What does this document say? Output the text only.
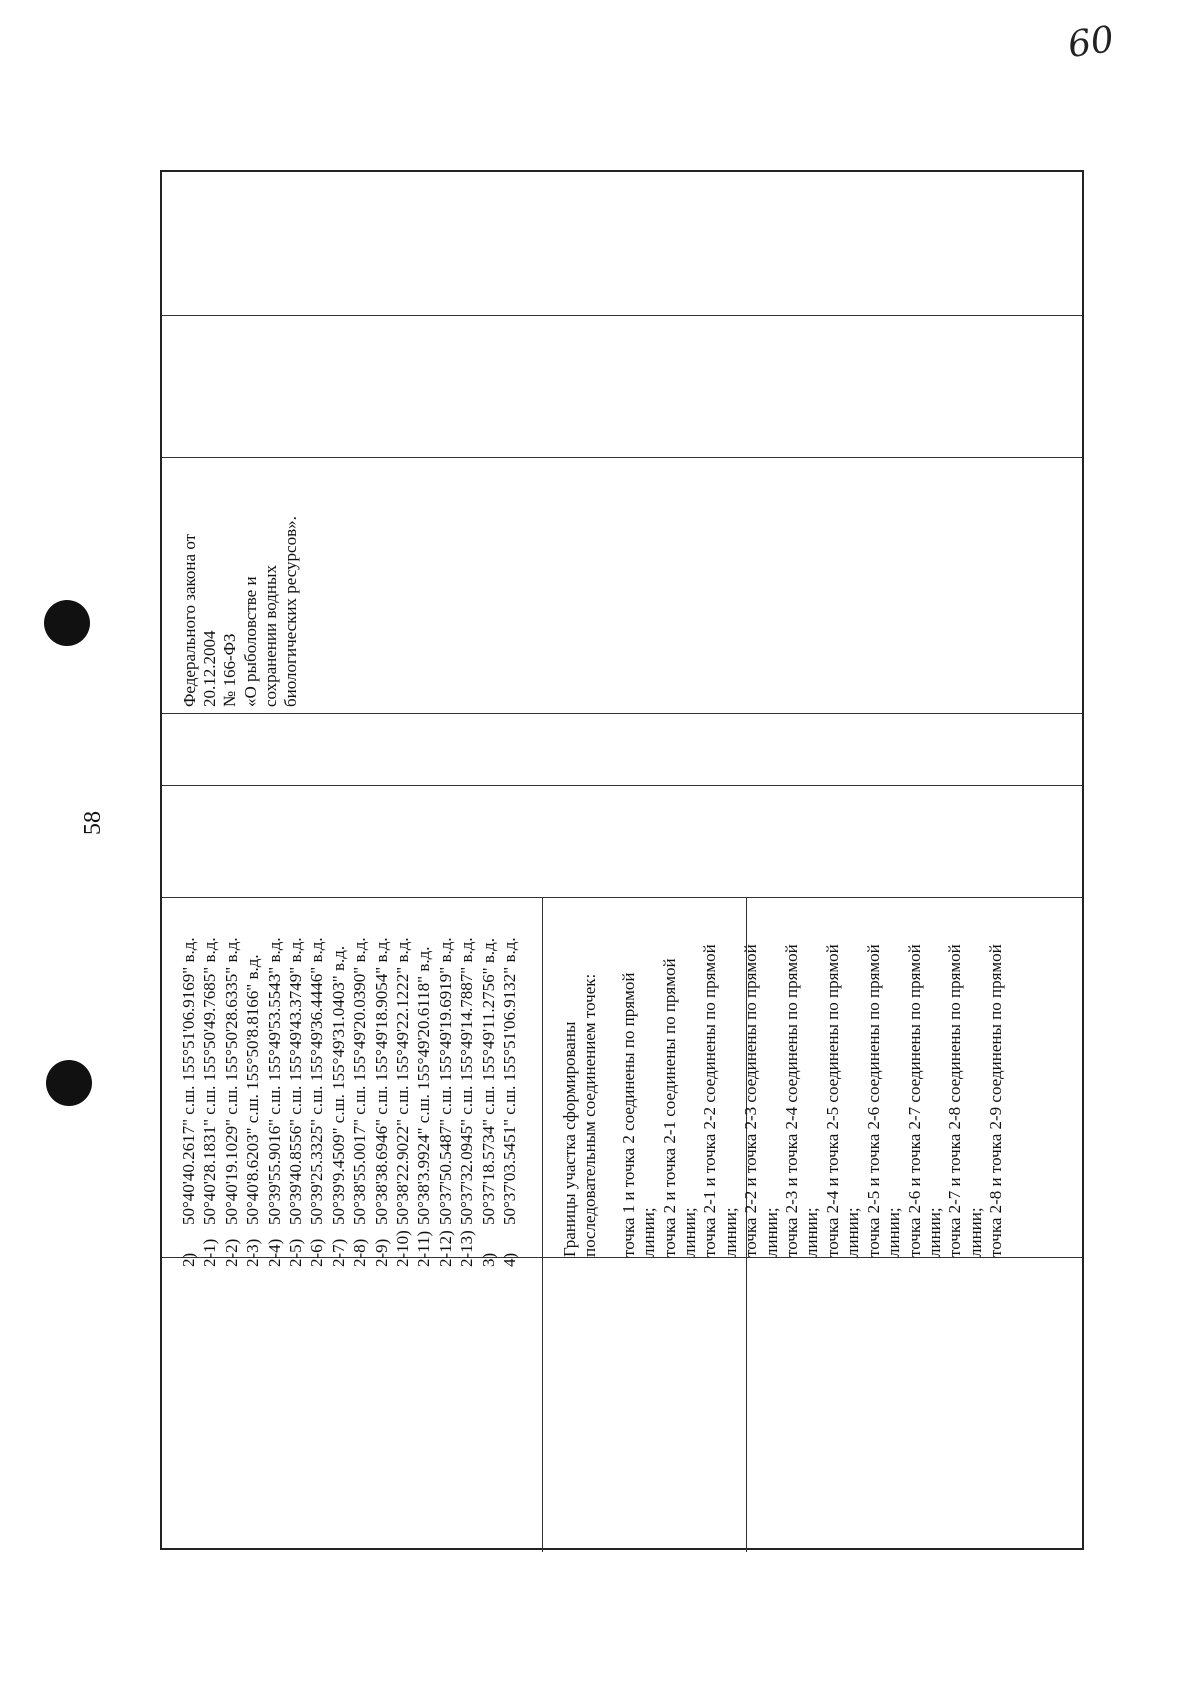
60
58
2)50°40'40.2617" с.ш. 155°51'06.9169" в.д.
2-1)50°40'28.1831" с.ш. 155°50'49.7685" в.д.
2-2)50°40'19.1029" с.ш. 155°50'28.6335" в.д.
2-3)50°40'8.6203" с.ш. 155°50'8.8166" в.д.
2-4)50°39'55.9016" с.ш. 155°49'53.5543" в.д.
2-5)50°39'40.8556" с.ш. 155°49'43.3749" в.д.
2-6)50°39'25.3325" с.ш. 155°49'36.4446" в.д.
2-7)50°39'9.4509" с.ш. 155°49'31.0403" в.д.
2-8)50°38'55.0017" с.ш. 155°49'20.0390" в.д.
2-9)50°38'38.6946" с.ш. 155°49'18.9054" в.д.
2-10)50°38'22.9022" с.ш. 155°49'22.1222" в.д.
2-11)50°38'3.9924" с.ш. 155°49'20.6118" в.д.
2-12)50°37'50.5487" с.ш. 155°49'19.6919" в.д.
2-13)50°37'32.0945" с.ш. 155°49'14.7887" в.д.
3)50°37'18.5734" с.ш. 155°49'11.2756" в.д.
4)50°37'03.5451" с.ш. 155°51'06.9132" в.д. Границы участка сформированы последовательным соединением точек: точка 1 и точка 2 соединены по прямой линии; точка 2 и точка 2-1 соединены по прямой линии; точка 2-1 и точка 2-2 соединены по прямой линии; точка 2-2 и точка 2-3 соединены по прямой линии; точка 2-3 и точка 2-4 соединены по прямой линии; точка 2-4 и точка 2-5 соединены по прямой линии; точка 2-5 и точка 2-6 соединены по прямой линии; точка 2-6 и точка 2-7 соединены по прямой линии; точка 2-7 и точка 2-8 соединены по прямой линии; точка 2-8 и точка 2-9 соединены по прямой
Федерального закона от 20.12.2004 № 166-ФЗ «О рыболовстве и сохранении водных биологических ресурсов».
